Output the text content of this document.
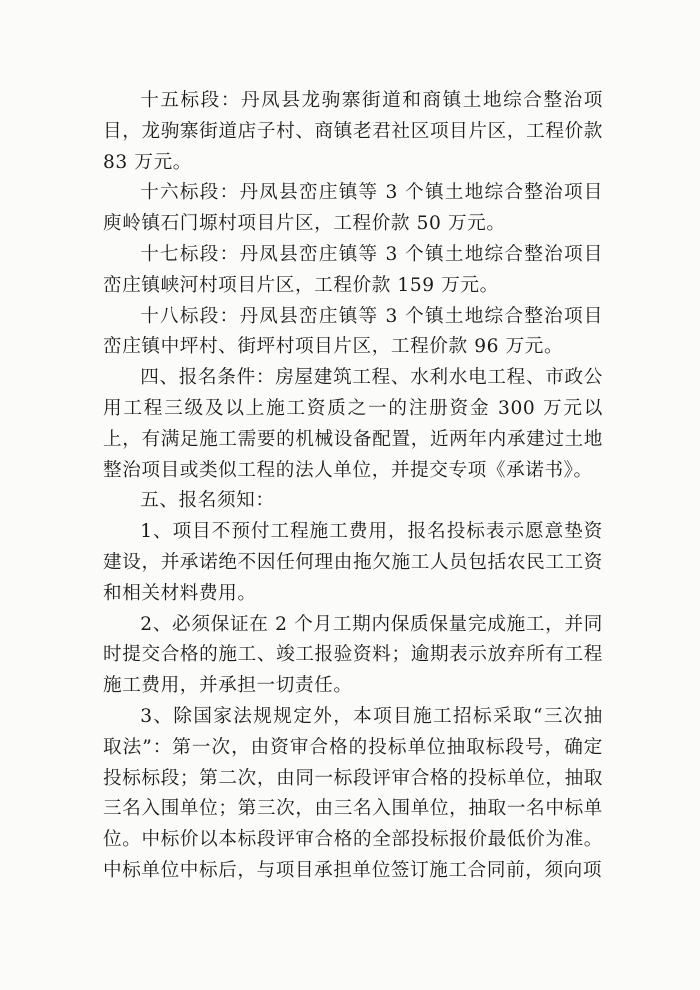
十五标段：丹凤县龙驹寨街道和商镇土地综合整治项目，龙驹寨街道店子村、商镇老君社区项目片区，工程价款 83 万元。

十六标段：丹凤县峦庄镇等 3 个镇土地综合整治项目庾岭镇石门塬村项目片区，工程价款 50 万元。

十七标段：丹凤县峦庄镇等 3 个镇土地综合整治项目峦庄镇峡河村项目片区，工程价款 159 万元。

十八标段：丹凤县峦庄镇等 3 个镇土地综合整治项目峦庄镇中坪村、街坪村项目片区，工程价款 96 万元。

四、报名条件：房屋建筑工程、水利水电工程、市政公用工程三级及以上施工资质之一的注册资金 300 万元以上，有满足施工需要的机械设备配置，近两年内承建过土地整治项目或类似工程的法人单位，并提交专项《承诺书》。

五、报名须知：

1、项目不预付工程施工费用，报名投标表示愿意垫资建设，并承诺绝不因任何理由拖欠施工人员包括农民工工资和相关材料费用。

2、必须保证在 2 个月工期内保质保量完成施工，并同时提交合格的施工、竣工报验资料；逾期表示放弃所有工程施工费用，并承担一切责任。

3、除国家法规规定外，本项目施工招标采取“三次抽取法”：第一次，由资审合格的投标单位抽取标段号，确定投标标段；第二次，由同一标段评审合格的投标单位，抽取三名入围单位；第三次，由三名入围单位，抽取一名中标单位。中标价以本标段评审合格的全部投标报价最低价为准。中标单位中标后，与项目承担单位签订施工合同前，须向项
